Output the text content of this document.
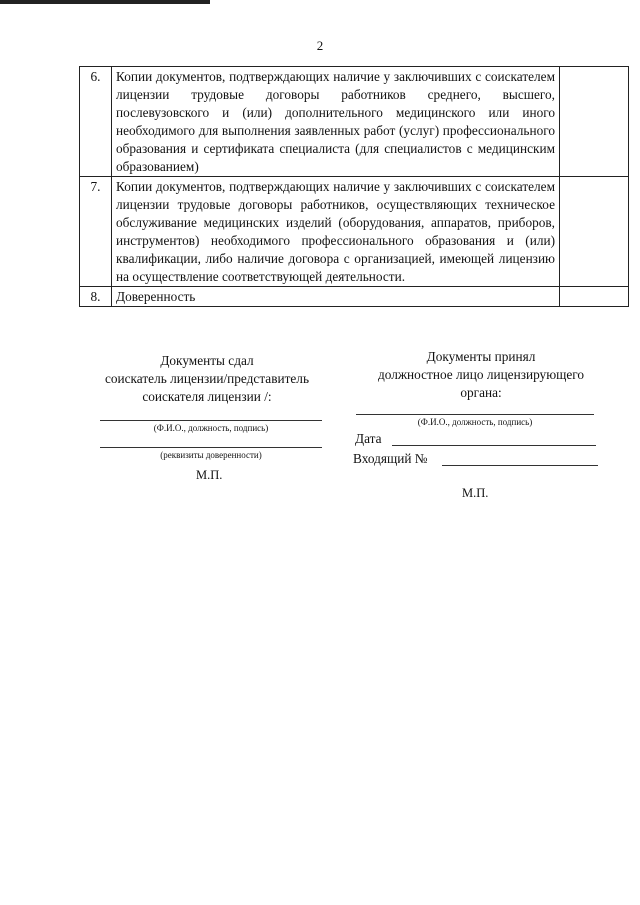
2
6.	Копии документов, подтверждающих наличие у заключивших с соискателем лицензии трудовые договоры работников среднего, высшего, послевузовского и (или) дополнительного медицинского или иного необходимого для выполнения заявленных работ (услуг) профессионального образования и сертификата специалиста (для специалистов с медицинским образованием)	
7.	Копии документов, подтверждающих наличие у заключивших с соискателем лицензии трудовые договоры работников, осуществляющих техническое обслуживание медицинских изделий (оборудования, аппаратов, приборов, инструментов) необходимого профессионального образования и (или) квалификации, либо наличие договора с организацией, имеющей лицензию на осуществление соответствующей деятельности.	
8.	Доверенность	
Документы сдал
соискатель лицензии/представитель
соискателя лицензии /:
(Ф.И.О., должность, подпись)
(реквизиты доверенности)
М.П.
Документы принял
должностное лицо лицензирующего
органа:
(Ф.И.О., должность, подпись)
Дата
Входящий №
М.П.
